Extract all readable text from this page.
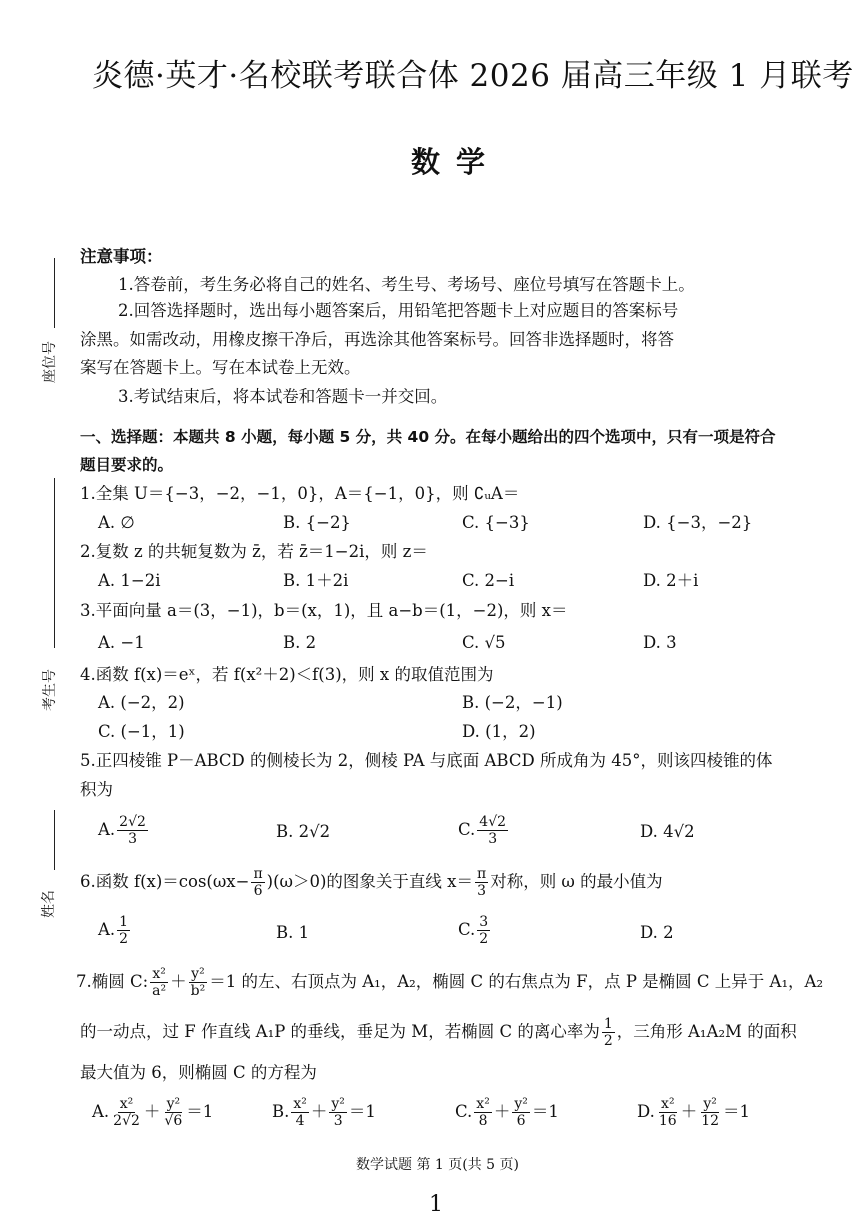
炎德·英才·名校联考联合体 2026 届高三年级 1 月联考
数学
座位号
考生号
姓名
注意事项：
1.答卷前，考生务必将自己的姓名、考生号、考场号、座位号填写在答题卡上。
2.回答选择题时，选出每小题答案后，用铅笔把答题卡上对应题目的答案标号
涂黑。如需改动，用橡皮擦干净后，再选涂其他答案标号。回答非选择题时，将答
案写在答题卡上。写在本试卷上无效。
3.考试结束后，将本试卷和答题卡一并交回。
一、选择题：本题共 8 小题，每小题 5 分，共 40 分。在每小题给出的四个选项中，只有一项是符合
题目要求的。
1.全集 U＝{−3，−2，−1，0}，A＝{−1，0}，则 ∁ᵤA＝
A. ∅	B. {−2}	C. {−3}	D. {−3，−2}
2.复数 z 的共轭复数为 z̄，若 z̄＝1−2i，则 z＝
A. 1−2i	B. 1＋2i	C. 2−i	D. 2＋i
3.平面向量 a＝(3，−1)，b＝(x，1)，且 a−b＝(1，−2)，则 x＝
A. −1	B. 2	C. √5	D. 3
4.函数 f(x)＝eˣ，若 f(x²＋2)＜f(3)，则 x 的取值范围为
A. (−2，2)	B. (−2，−1)
C. (−1，1)	D. (1，2)
5.正四棱锥 P－ABCD 的侧棱长为 2，侧棱 PA 与底面 ABCD 所成角为 45°，则该四棱锥的体
积为
A. $\frac{2√2}{3}$	B. 2√2	C. $\frac{4√2}{3}$	D. 4√2
6.函数 $f(x)=\cos(\omega x- \frac{\pi}{6} )(\omega>0)$的图象关于直线 $x= \frac{\pi}{3}$ 对称，则 ω 的最小值为
A. $\frac{1}{2}$	B. 1	C. $\frac{3}{2}$	D. 2
7.椭圆 C: $\frac{\text{x²}}{\text{a²}} + \frac{\text{y²}}{\text{b²}} =1$ 的左、右顶点为 A₁，A₂，椭圆 C 的右焦点为 F，点 P 是椭圆 C 上异于 A₁，A₂
的一动点，过 F 作直线 A₁P 的垂线，垂足为 M，若椭圆 C 的离心率为 $\frac{1}{2}$ ，三角形 A₁A₂M 的面积
最大值为 6，则椭圆 C 的方程为
A. $\frac{\text{x²}}{2√2} + \frac{\text{y²}}{√6} =1$	B. $\frac{\text{x²}}{4} + \frac{\text{y²}}{3} =1$	C. $\frac{\text{x²}}{8} + \frac{\text{y²}}{6} =1$	D. $\frac{\text{x²}}{16} + \frac{\text{y²}}{12} =1$
数学试题 第 1 页(共 5 页)
1
